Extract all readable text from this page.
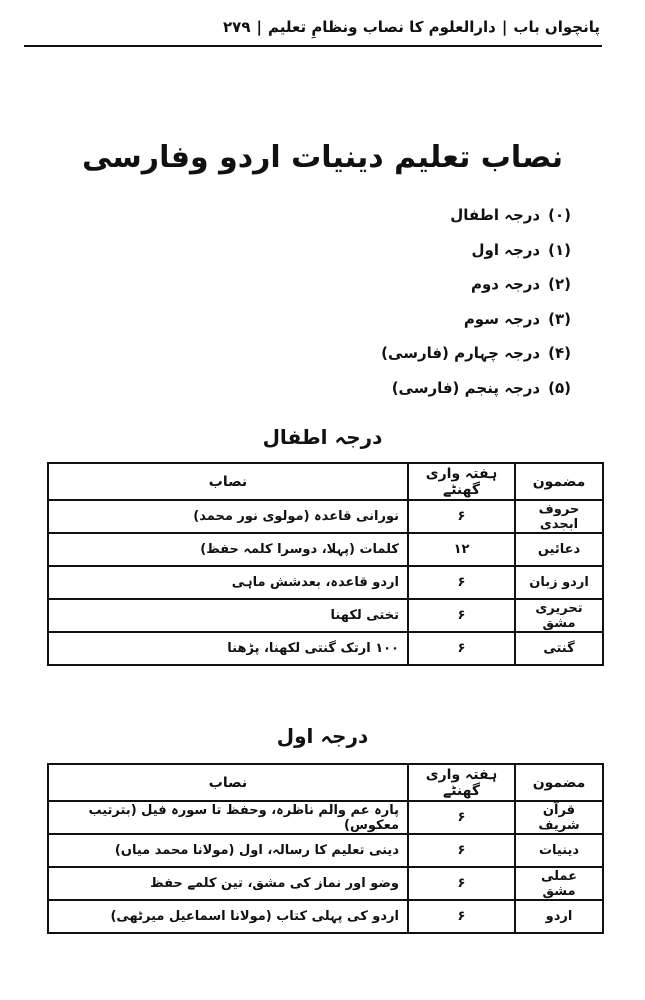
پانچواں باب
|
دارالعلوم کا نصاب ونظامِ تعلیم
|
۲۷۹
نصاب تعلیم دینیات اردو وفارسی
(۰)درجہ اطفال
(۱)درجہ اول
(۲)درجہ دوم
(۳)درجہ سوم
(۴)درجہ چہارم (فارسی)
(۵)درجہ پنجم (فارسی)
درجہ اطفال
مضمون	ہفتہ واری گھنٹے	نصاب
حروف ابجدی	۶	نورانی قاعدہ (مولوی نور محمد)
دعائیں	۱۲	کلمات (پہلا، دوسرا کلمہ حفظ)
اردو زبان	۶	اردو قاعدہ، بعدشش ماہی
تحریری مشق	۶	تختی لکھنا
گنتی	۶	۱۰۰ ارتک گنتی لکھنا، پڑھنا
درجہ اول
مضمون	ہفتہ واری گھنٹے	نصاب
قرآن شریف	۶	پارہ عم والم ناظرہ، وحفظ تا سورہ فیل (بترتیب معکوس)
دینیات	۶	دینی تعلیم کا رسالہ، اول (مولانا محمد میاں)
عملی مشق	۶	وضو اور نماز کی مشق، تین کلمے حفظ
اردو	۶	اردو کی پہلی کتاب (مولانا اسماعیل میرٹھی)
